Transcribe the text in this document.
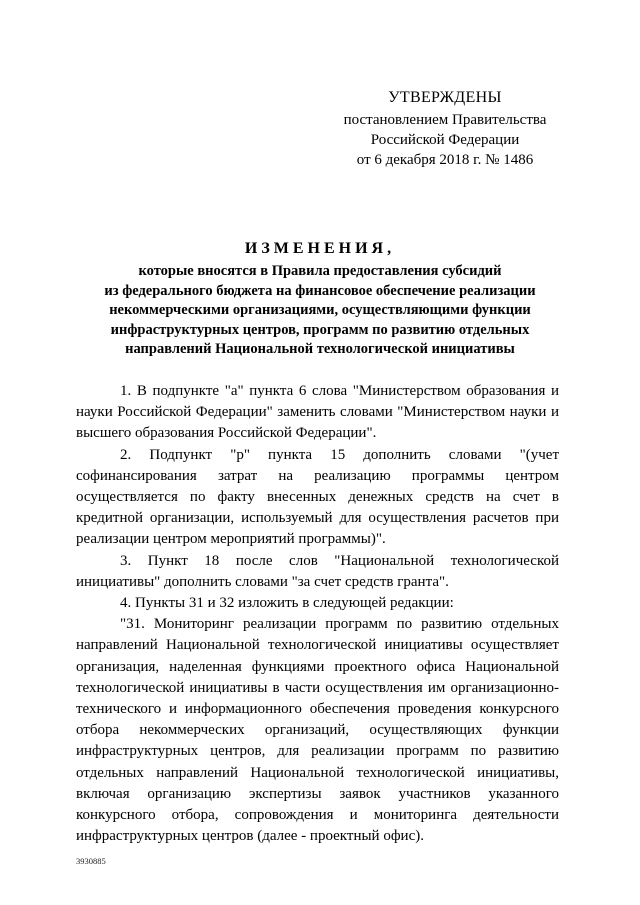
УТВЕРЖДЕНЫ
постановлением Правительства
Российской Федерации
от 6 декабря 2018 г. № 1486
ИЗМЕНЕНИЯ,
которые вносятся в Правила предоставления субсидий
из федерального бюджета на финансовое обеспечение реализации
некоммерческими организациями, осуществляющими функции
инфраструктурных центров, программ по развитию отдельных
направлений Национальной технологической инициативы

1. В подпункте "а" пункта 6 слова "Министерством образования и науки Российской Федерации" заменить словами "Министерством науки и высшего образования Российской Федерации".

2. Подпункт "р" пункта 15 дополнить словами "(учет софинансирования затрат на реализацию программы центром осуществляется по факту внесенных денежных средств на счет в кредитной организации, используемый для осуществления расчетов при реализации центром мероприятий программы)".

3. Пункт 18 после слов "Национальной технологической инициативы" дополнить словами "за счет средств гранта".

4. Пункты 31 и 32 изложить в следующей редакции:

"31. Мониторинг реализации программ по развитию отдельных направлений Национальной технологической инициативы осуществляет организация, наделенная функциями проектного офиса Национальной технологической инициативы в части осуществления им организационно-технического и информационного обеспечения проведения конкурсного отбора некоммерческих организаций, осуществляющих функции инфраструктурных центров, для реализации программ по развитию отдельных направлений Национальной технологической инициативы, включая организацию экспертизы заявок участников указанного конкурсного отбора, сопровождения и мониторинга деятельности инфраструктурных центров (далее - проектный офис).

3930885
